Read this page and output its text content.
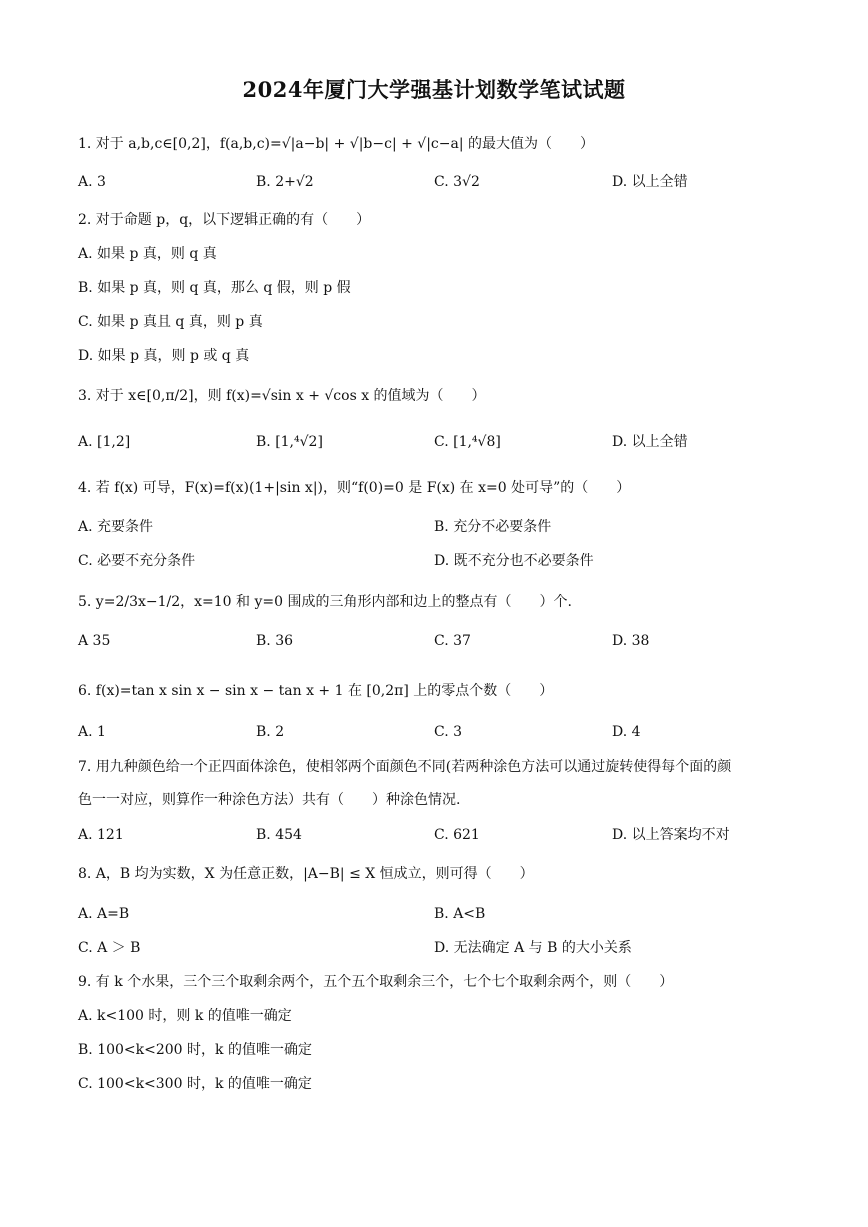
2024年厦门大学强基计划数学笔试试题
1. 对于 a,b,c∈[0,2]，f(a,b,c)=√|a−b| + √|b−c| + √|c−a| 的最大值为（　　）
A. 3	B. 2+√2	C. 3√2	D. 以上全错
2. 对于命题 p，q，以下逻辑正确的有（　　）
A. 如果 p 真，则 q 真
B. 如果 p 真，则 q 真，那么 q 假，则 p 假
C. 如果 p 真且 q 真，则 p 真
D. 如果 p 真，则 p 或 q 真
3. 对于 x∈[0,π/2]，则 f(x)=√sin x + √cos x 的值域为（　　）
A. [1,2]	B. [1,⁴√2]	C. [1,⁴√8]	D. 以上全错
4. 若 f(x) 可导，F(x)=f(x)(1+|sin x|)，则“f(0)=0 是 F(x) 在 x=0 处可导”的（　　）
A. 充要条件	B. 充分不必要条件
C. 必要不充分条件	D. 既不充分也不必要条件
5. y=2/3x−1/2，x=10 和 y=0 围成的三角形内部和边上的整点有（　　）个.
A 35	B. 36	C. 37	D. 38
6. f(x)=tan x sin x − sin x − tan x + 1 在 [0,2π] 上的零点个数（　　）
A. 1	B. 2	C. 3	D. 4
7. 用九种颜色给一个正四面体涂色，使相邻两个面颜色不同(若两种涂色方法可以通过旋转使得每个面的颜
色一一对应，则算作一种涂色方法）共有（　　）种涂色情况.
A. 121	B. 454	C. 621	D. 以上答案均不对
8. A，B 均为实数，X 为任意正数，|A−B| ≤ X 恒成立，则可得（　　）
A. A=B	B. A<B
C. A ＞ B	D. 无法确定 A 与 B 的大小关系
9. 有 k 个水果，三个三个取剩余两个，五个五个取剩余三个，七个七个取剩余两个，则（　　）
A. k<100 时，则 k 的值唯一确定
B. 100<k<200 时，k 的值唯一确定
C. 100<k<300 时，k 的值唯一确定
